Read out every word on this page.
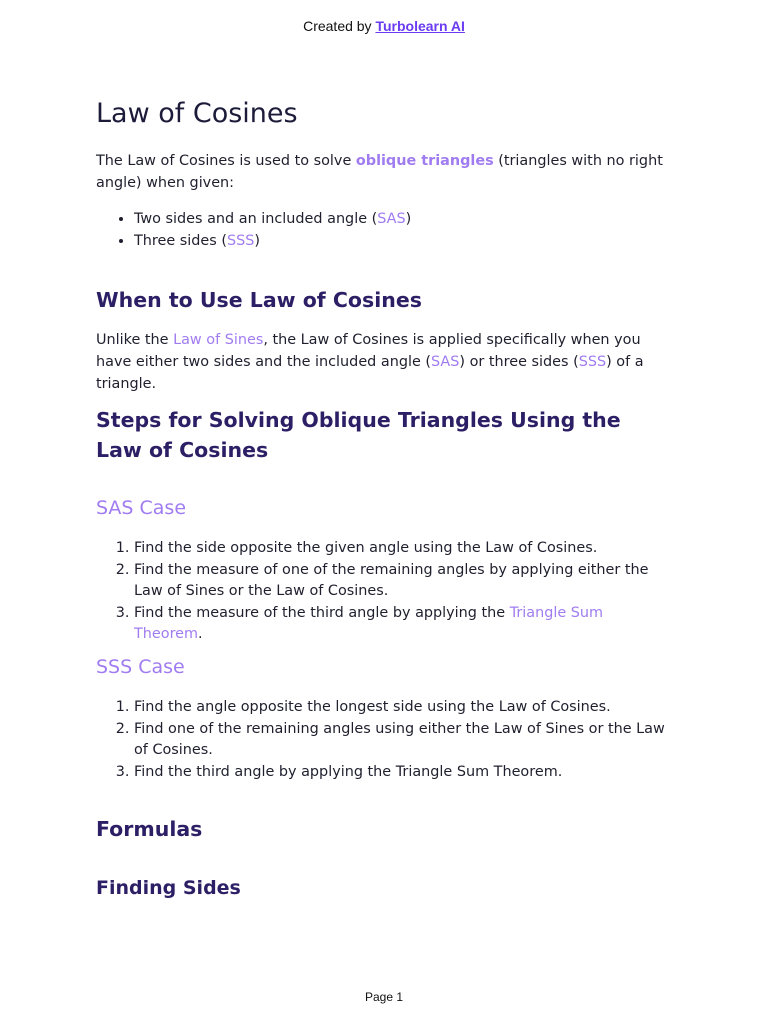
Created by Turbolearn AI
Law of Cosines

The Law of Cosines is used to solve oblique triangles (triangles with no right angle) when given:

• Two sides and an included angle (SAS)
• Three sides (SSS)
When to Use Law of Cosines

Unlike the Law of Sines, the Law of Cosines is applied specifically when you have either two sides and the included angle (SAS) or three sides (SSS) of a triangle.

Steps for Solving Oblique Triangles Using the Law of Cosines
SAS Case
1. Find the side opposite the given angle using the Law of Cosines.
2. Find the measure of one of the remaining angles by applying either the Law of Sines or the Law of Cosines.
3. Find the measure of the third angle by applying the Triangle Sum Theorem.
SSS Case
1. Find the angle opposite the longest side using the Law of Cosines.
2. Find one of the remaining angles using either the Law of Sines or the Law of Cosines.
3. Find the third angle by applying the Triangle Sum Theorem.
Formulas
Finding Sides
Page 1
